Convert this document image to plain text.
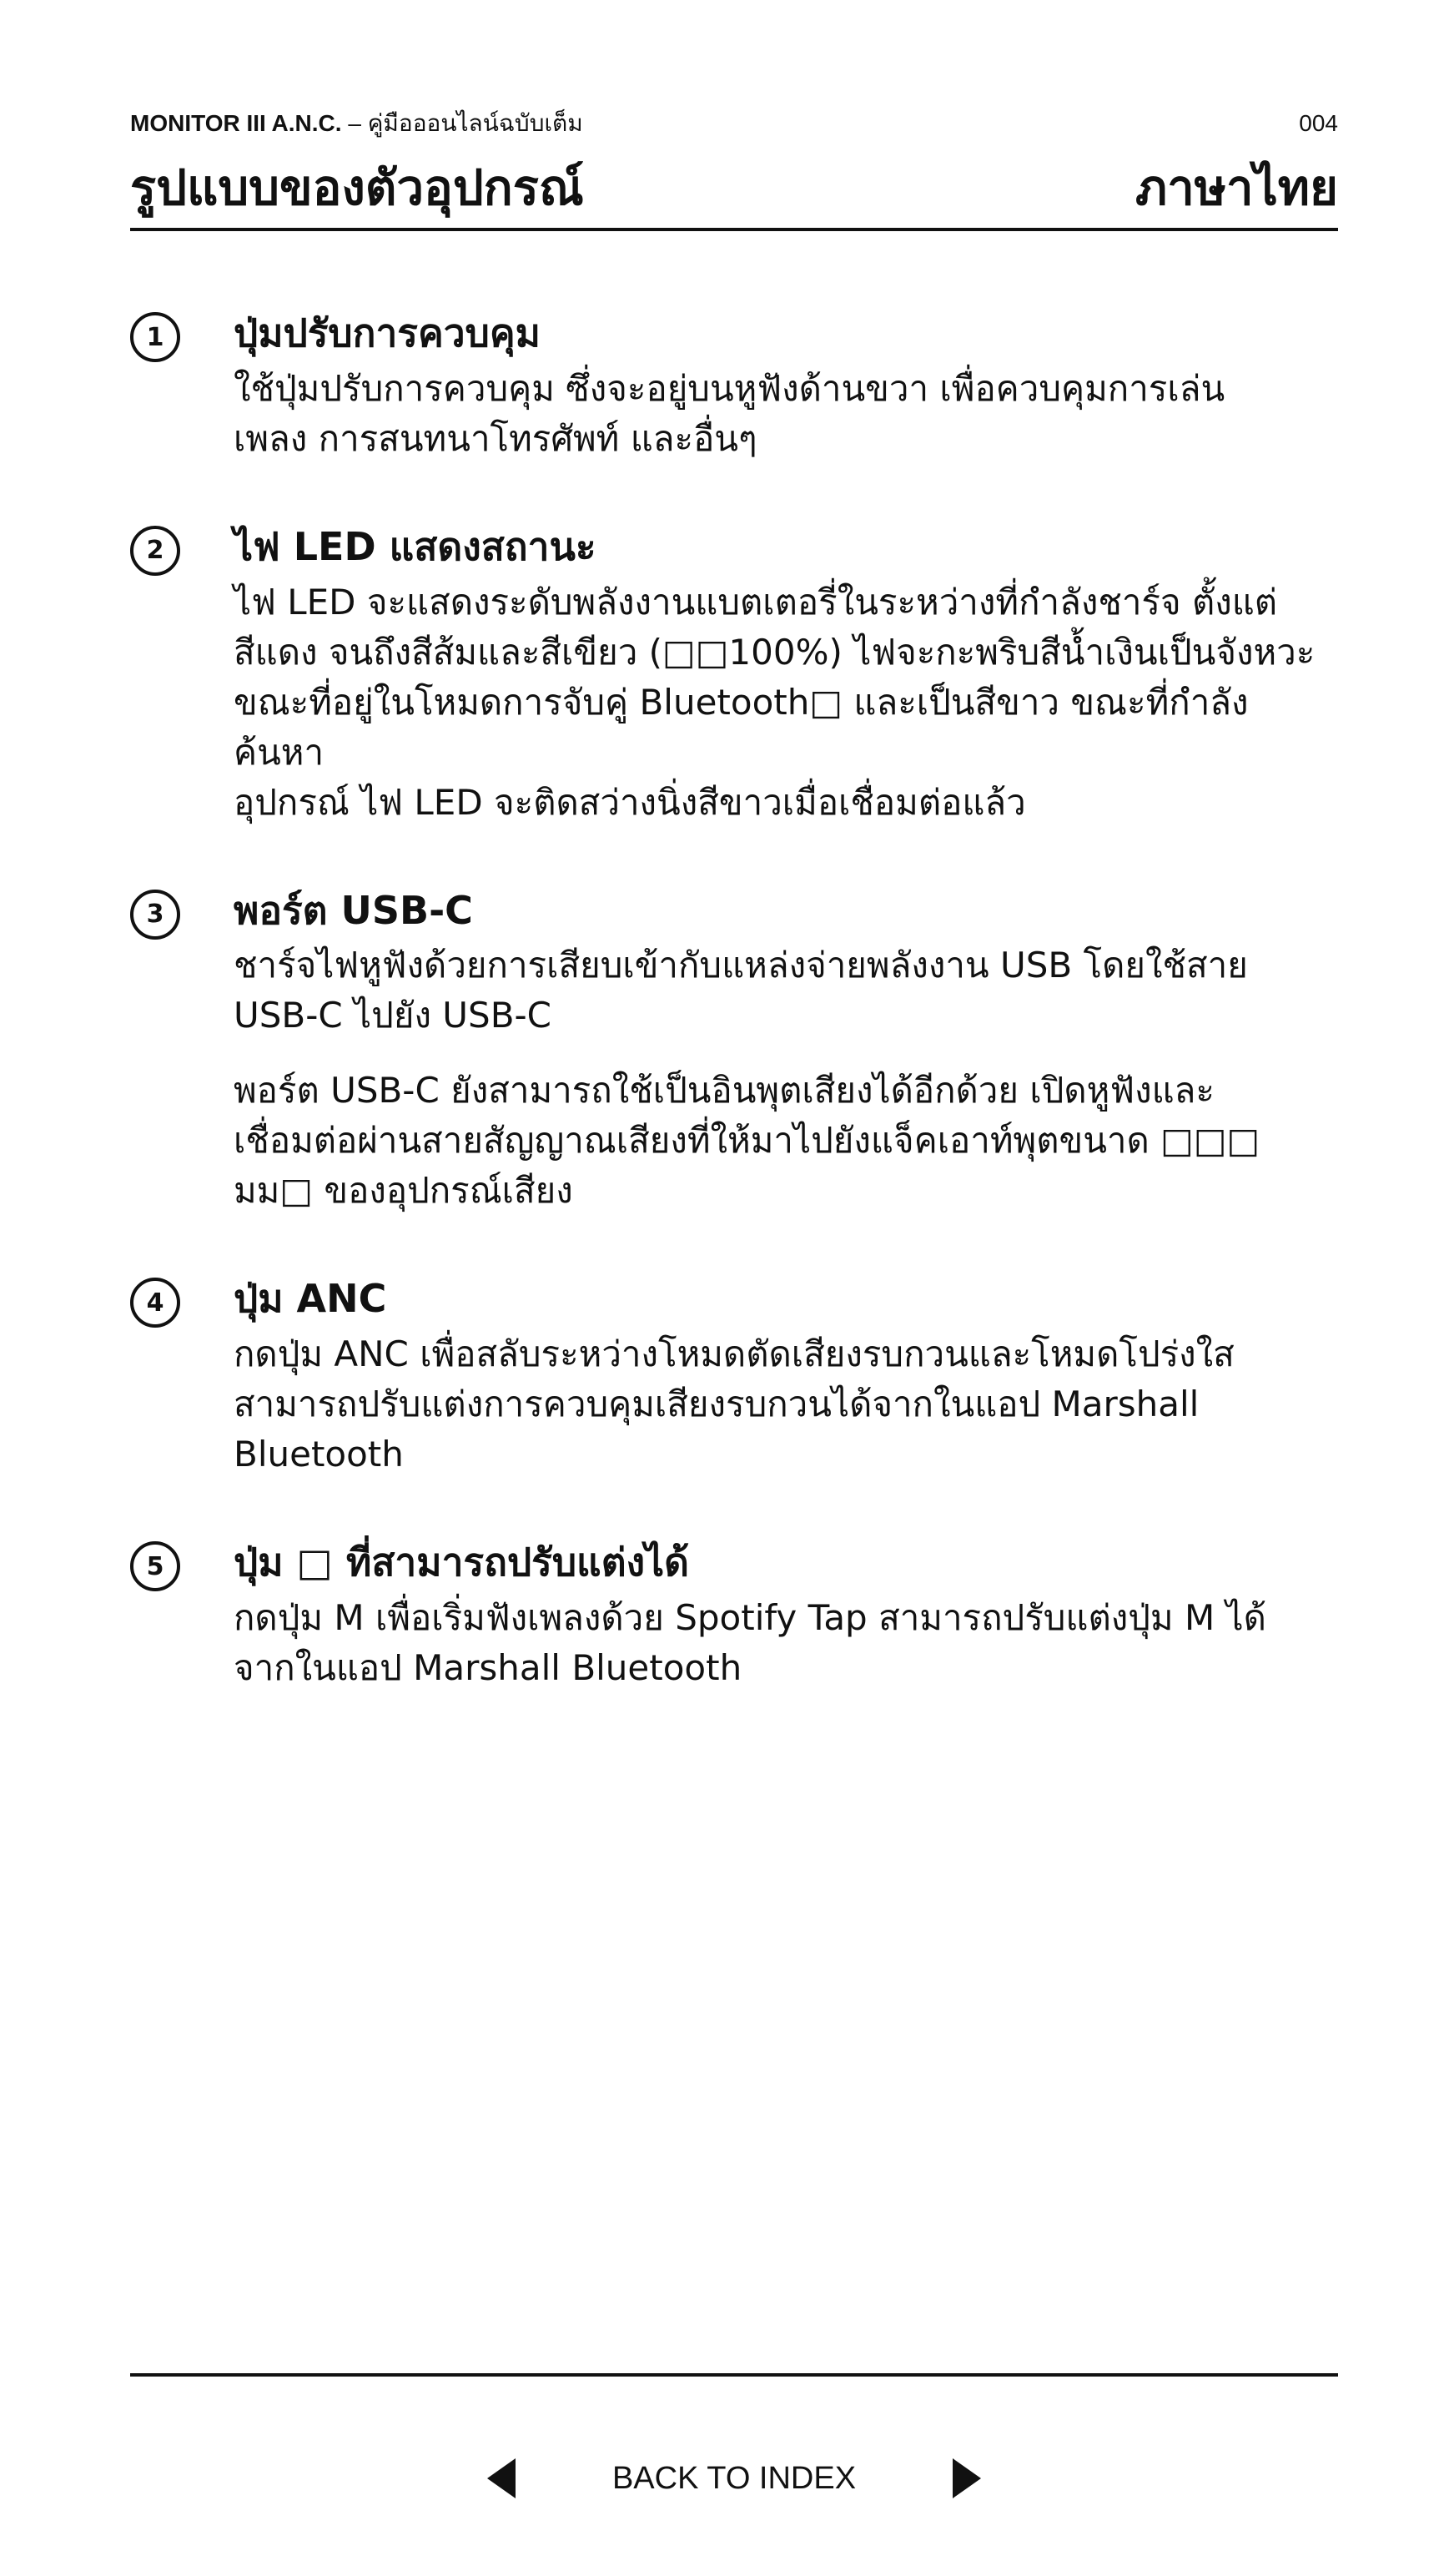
MONITOR III A.N.C. – คู่มือออนไลน์ฉบับเต็ม	004
รูปแบบของตัวอุปกรณ์	ภาษาไทย
1	ปุ่มปรับการควบคุม

ใช้ปุ่มปรับการควบคุม ซึ่งจะอยู่บนหูฟังด้านขวา เพื่อควบคุมการเล่น
เพลง การสนทนาโทรศัพท์ และอื่นๆ

2	ไฟ LED แสดงสถานะ

ไฟ LED จะแสดงระดับพลังงานแบตเตอรี่ในระหว่างที่กำลังชาร์จ ตั้งแต่
สีแดง จนถึงสีส้มและสีเขียว (□□100%) ไฟจะกะพริบสีน้ำเงินเป็นจังหวะ
ขณะที่อยู่ในโหมดการจับคู่ Bluetooth□ และเป็นสีขาว ขณะที่กำลังค้นหา
อุปกรณ์ ไฟ LED จะติดสว่างนิ่งสีขาวเมื่อเชื่อมต่อแล้ว

3	พอร์ต USB-C

ชาร์จไฟหูฟังด้วยการเสียบเข้ากับแหล่งจ่ายพลังงาน USB โดยใช้สาย
USB-C ไปยัง USB-C

พอร์ต USB-C ยังสามารถใช้เป็นอินพุตเสียงได้อีกด้วย เปิดหูฟังและ
เชื่อมต่อผ่านสายสัญญาณเสียงที่ให้มาไปยังแจ็คเอาท์พุตขนาด □□□
มม□ ของอุปกรณ์เสียง

4	ปุ่ม ANC

กดปุ่ม ANC เพื่อสลับระหว่างโหมดตัดเสียงรบกวนและโหมดโปร่งใส
สามารถปรับแต่งการควบคุมเสียงรบกวนได้จากในแอป Marshall
Bluetooth

5	ปุ่ม □ ที่สามารถปรับแต่งได้

กดปุ่ม M เพื่อเริ่มฟังเพลงด้วย Spotify Tap สามารถปรับแต่งปุ่ม M ได้
จากในแอป Marshall Bluetooth

BACK TO INDEX
